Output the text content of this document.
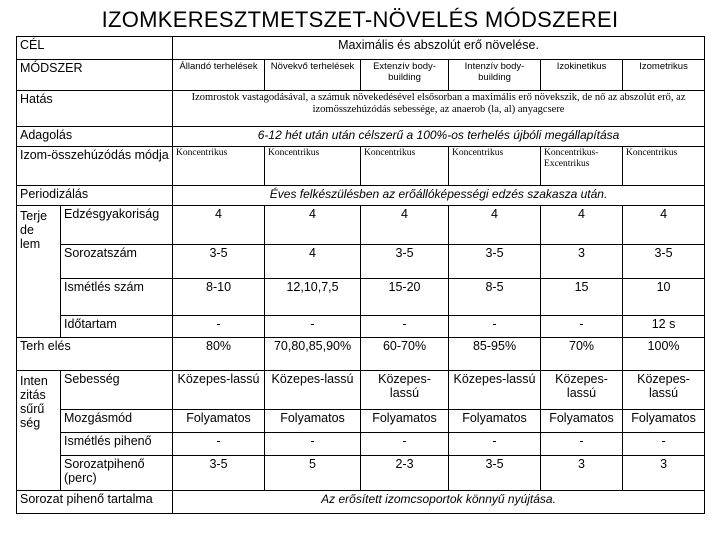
IZOMKERESZTMETSZET-NÖVELÉS MÓDSZEREI
CÉL		Maximális és abszolút erő növelése.					
MÓDSZER		Állandó terhelések	Növekvő terhelések	Extenzív body-building	Intenzív body-building	Izokinetikus	Izometrikus
Hatás		Izomrostok vastagodásával, a számuk növekedésével elsősorban a maximális erő növekszik, de nő az abszolút erő, az izomösszehúzódás sebessége, az anaerob (la, al) anyagcsere					
Adagolás		6-12 hét után után célszerű a 100%-os terhelés újbóli megállapítása					
Izom-összehúzódás módja		Koncentrikus	Koncentrikus	Koncentrikus	Koncentrikus	Koncentrikus-Excentrikus	Koncentrikus
Periodizálás		Éves felkészülésben az erőállóképességi edzés szakasza után.					
Terje de lem	Edzésgyakoriság	4	4	4	4	4	4
	Sorozatszám	3-5	4	3-5	3-5	3	3-5
	Ismétlés szám	8-10	12,10,7,5	15-20	8-5	15	10
	Időtartam	-	-	-	-	-	12 s
Terh elés		80%	70,80,85,90%	60-70%	85-95%	70%	100%
Inten zitás sűrű ség	Sebesség	Közepes-lassú	Közepes-lassú	Közepes-lassú	Közepes-lassú	Közepes-lassú	Közepes-lassú
	Mozgásmód	Folyamatos	Folyamatos	Folyamatos	Folyamatos	Folyamatos	Folyamatos
	Ismétlés pihenő	-	-	-	-	-	-
	Sorozatpihenő (perc)	3-5	5	2-3	3-5	3	3
Sorozat pihenő tartalma		Az erősített izomcsoportok könnyű nyújtása.					
